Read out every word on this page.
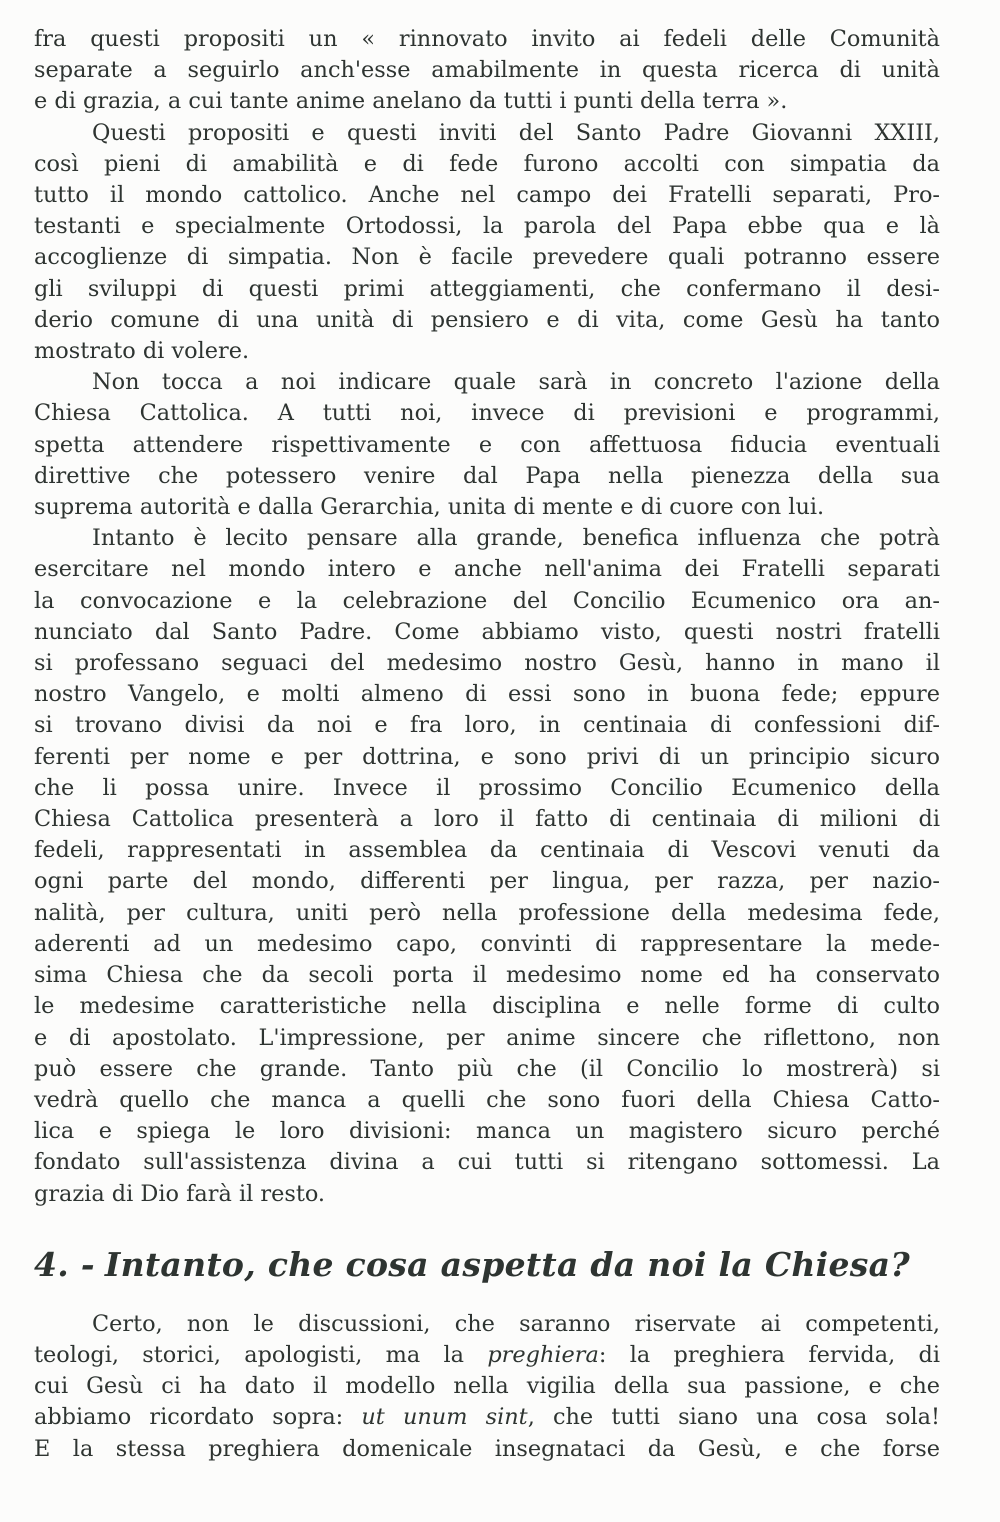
fra questi propositi un « rinnovato invito ai fedeli delle Comunità

separate a seguirlo anch'esse amabilmente in questa ricerca di unità

e di grazia, a cui tante anime anelano da tutti i punti della terra ».

Questi propositi e questi inviti del Santo Padre Giovanni XXIII,

così pieni di amabilità e di fede furono accolti con simpatia da

tutto il mondo cattolico. Anche nel campo dei Fratelli separati, Pro-

testanti e specialmente Ortodossi, la parola del Papa ebbe qua e là

accoglienze di simpatia. Non è facile prevedere quali potranno essere

gli sviluppi di questi primi atteggiamenti, che confermano il desi-

derio comune di una unità di pensiero e di vita, come Gesù ha tanto

mostrato di volere.

Non tocca a noi indicare quale sarà in concreto l'azione della

Chiesa Cattolica. A tutti noi, invece di previsioni e programmi,

spetta attendere rispettivamente e con affettuosa fiducia eventuali

direttive che potessero venire dal Papa nella pienezza della sua

suprema autorità e dalla Gerarchia, unita di mente e di cuore con lui.

Intanto è lecito pensare alla grande, benefica influenza che potrà

esercitare nel mondo intero e anche nell'anima dei Fratelli separati

la convocazione e la celebrazione del Concilio Ecumenico ora an-

nunciato dal Santo Padre. Come abbiamo visto, questi nostri fratelli

si professano seguaci del medesimo nostro Gesù, hanno in mano il

nostro Vangelo, e molti almeno di essi sono in buona fede; eppure

si trovano divisi da noi e fra loro, in centinaia di confessioni dif-

ferenti per nome e per dottrina, e sono privi di un principio sicuro

che li possa unire. Invece il prossimo Concilio Ecumenico della

Chiesa Cattolica presenterà a loro il fatto di centinaia di milioni di

fedeli, rappresentati in assemblea da centinaia di Vescovi venuti da

ogni parte del mondo, differenti per lingua, per razza, per nazio-

nalità, per cultura, uniti però nella professione della medesima fede,

aderenti ad un medesimo capo, convinti di rappresentare la mede-

sima Chiesa che da secoli porta il medesimo nome ed ha conservato

le medesime caratteristiche nella disciplina e nelle forme di culto

e di apostolato. L'impressione, per anime sincere che riflettono, non

può essere che grande. Tanto più che (il Concilio lo mostrerà) si

vedrà quello che manca a quelli che sono fuori della Chiesa Catto-

lica e spiega le loro divisioni: manca un magistero sicuro perché

fondato sull'assistenza divina a cui tutti si ritengano sottomessi. La

grazia di Dio farà il resto.

4. - Intanto, che cosa aspetta da noi la Chiesa?

Certo, non le discussioni, che saranno riservate ai competenti,

teologi, storici, apologisti, ma la preghiera: la preghiera fervida, di

cui Gesù ci ha dato il modello nella vigilia della sua passione, e che

abbiamo ricordato sopra: ut unum sint, che tutti siano una cosa sola!

E la stessa preghiera domenicale insegnataci da Gesù, e che forse
